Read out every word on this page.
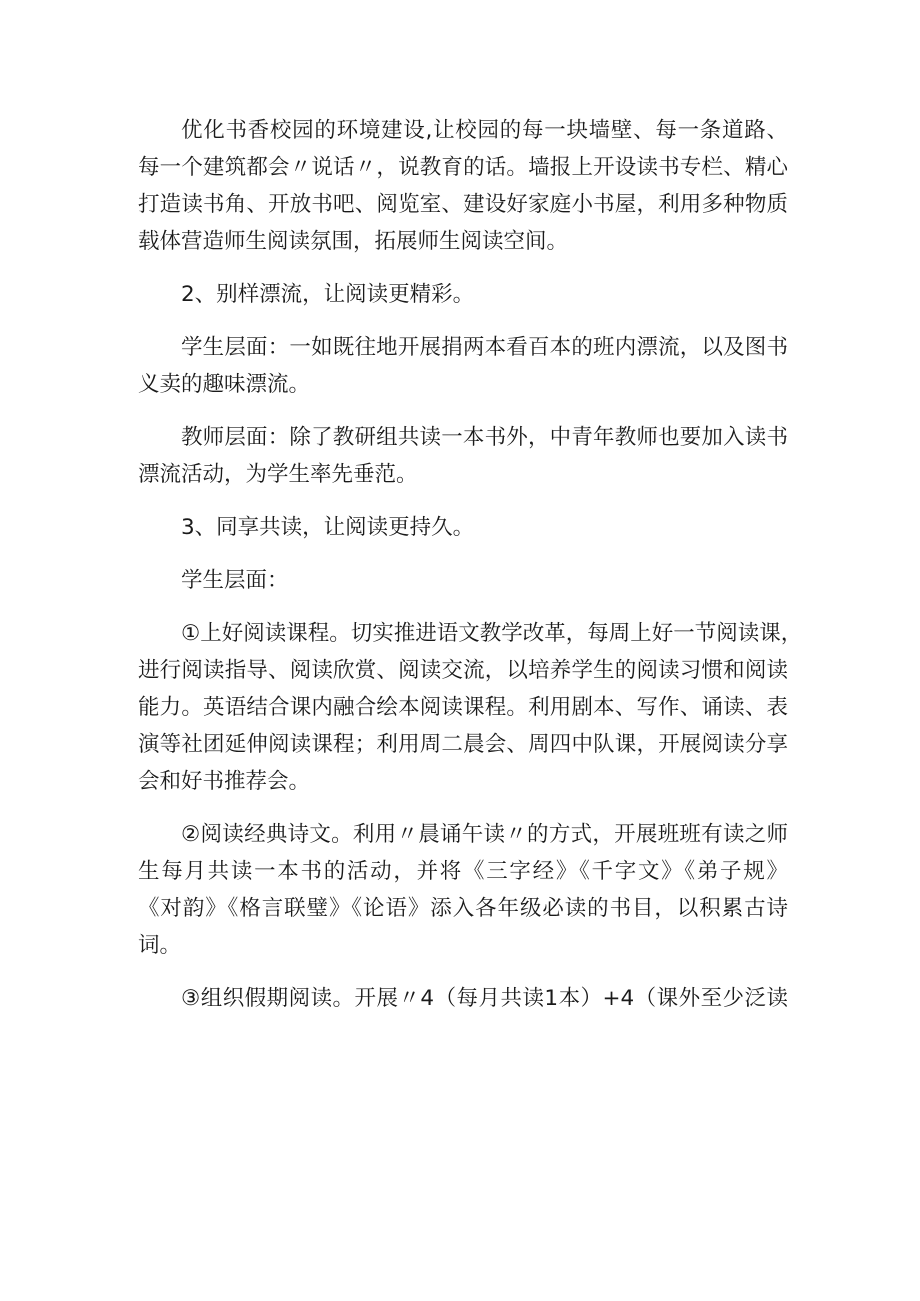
优化书香校园的环境建设,让校园的每一块墙壁、每一条道路、
每一个建筑都会〃说话〃，说教育的话。墙报上开设读书专栏、精心
打造读书角、开放书吧、阅览室、建设好家庭小书屋，利用多种物质
载体营造师生阅读氛围，拓展师生阅读空间。

2、别样漂流，让阅读更精彩。

学生层面：一如既往地开展捐两本看百本的班内漂流，以及图书
义卖的趣味漂流。

教师层面：除了教研组共读一本书外，中青年教师也要加入读书
漂流活动，为学生率先垂范。

3、同享共读，让阅读更持久。

学生层面：

①上好阅读课程。切实推进语文教学改革，每周上好一节阅读课，
进行阅读指导、阅读欣赏、阅读交流，以培养学生的阅读习惯和阅读
能力。英语结合课内融合绘本阅读课程。利用剧本、写作、诵读、表
演等社团延伸阅读课程；利用周二晨会、周四中队课，开展阅读分享
会和好书推荐会。

②阅读经典诗文。利用〃晨诵午读〃的方式，开展班班有读之师
生每月共读一本书的活动，并将《三字经》《千字文》《弟子规》
《对韵》《格言联璧》《论语》添入各年级必读的书目，以积累古诗
词。

③组织假期阅读。开展〃4（每月共读1本）+4（课外至少泛读
